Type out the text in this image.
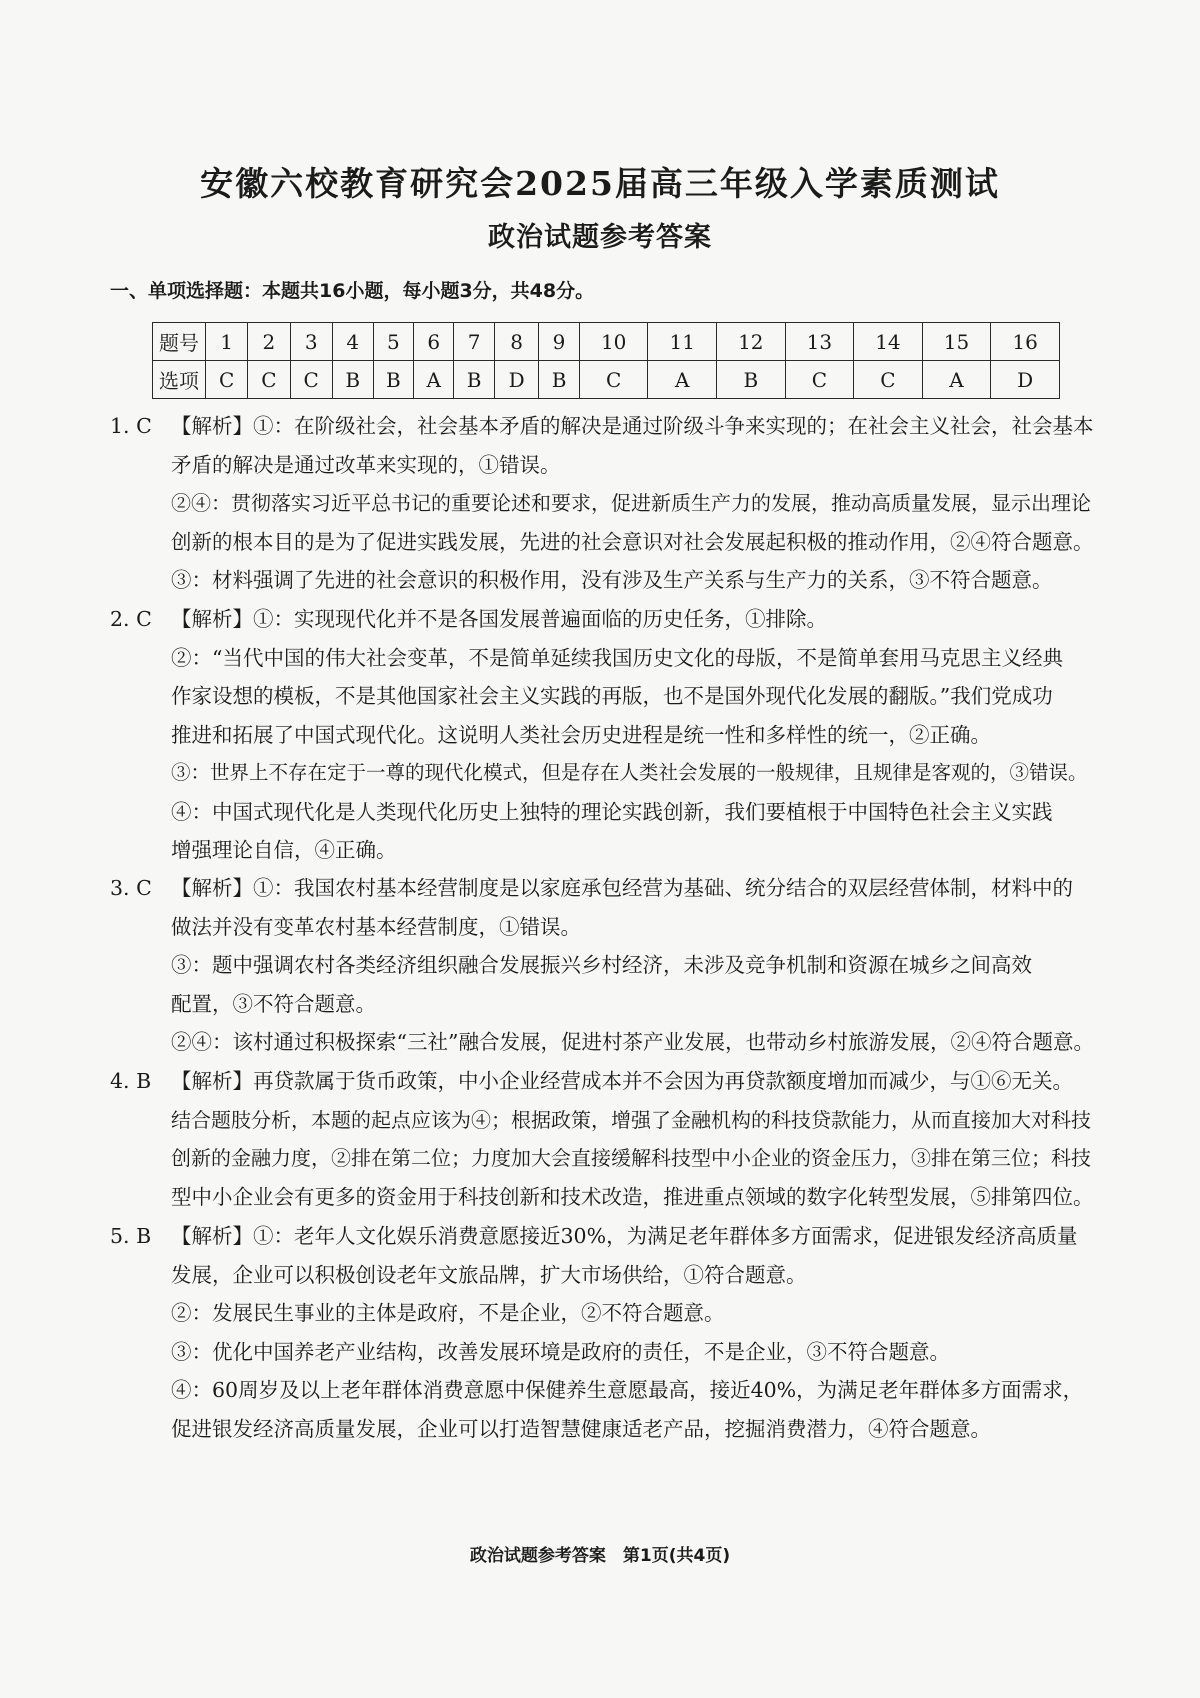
安徽六校教育研究会2025届高三年级入学素质测试
政治试题参考答案
一、单项选择题：本题共16小题，每小题3分，共48分。
题号	1	2	3	4	5	6	7	8	9	10	11	12	13	14	15	16
选项	C	C	C	B	B	A	B	D	B	C	A	B	C	C	A	D
1. C 【解析】①：在阶级社会，社会基本矛盾的解决是通过阶级斗争来实现的；在社会主义社会，社会基本
矛盾的解决是通过改革来实现的，①错误。
②④：贯彻落实习近平总书记的重要论述和要求，促进新质生产力的发展，推动高质量发展，显示出理论
创新的根本目的是为了促进实践发展，先进的社会意识对社会发展起积极的推动作用，②④符合题意。
③：材料强调了先进的社会意识的积极作用，没有涉及生产关系与生产力的关系，③不符合题意。
2. C 【解析】①：实现现代化并不是各国发展普遍面临的历史任务，①排除。
②：“当代中国的伟大社会变革，不是简单延续我国历史文化的母版，不是简单套用马克思主义经典
作家设想的模板，不是其他国家社会主义实践的再版，也不是国外现代化发展的翻版。”我们党成功
推进和拓展了中国式现代化。这说明人类社会历史进程是统一性和多样性的统一，②正确。
③：世界上不存在定于一尊的现代化模式，但是存在人类社会发展的一般规律，且规律是客观的，③错误。
④：中国式现代化是人类现代化历史上独特的理论实践创新，我们要植根于中国特色社会主义实践
增强理论自信，④正确。
3. C 【解析】①：我国农村基本经营制度是以家庭承包经营为基础、统分结合的双层经营体制，材料中的
做法并没有变革农村基本经营制度，①错误。
③：题中强调农村各类经济组织融合发展振兴乡村经济，未涉及竞争机制和资源在城乡之间高效
配置，③不符合题意。
②④：该村通过积极探索“三社”融合发展，促进村茶产业发展，也带动乡村旅游发展，②④符合题意。
4. B 【解析】再贷款属于货币政策，中小企业经营成本并不会因为再贷款额度增加而减少，与①⑥无关。
结合题肢分析，本题的起点应该为④；根据政策，增强了金融机构的科技贷款能力，从而直接加大对科技
创新的金融力度，②排在第二位；力度加大会直接缓解科技型中小企业的资金压力，③排在第三位；科技
型中小企业会有更多的资金用于科技创新和技术改造，推进重点领域的数字化转型发展，⑤排第四位。
5. B 【解析】①：老年人文化娱乐消费意愿接近30%，为满足老年群体多方面需求，促进银发经济高质量
发展，企业可以积极创设老年文旅品牌，扩大市场供给，①符合题意。
②：发展民生事业的主体是政府，不是企业，②不符合题意。
③：优化中国养老产业结构，改善发展环境是政府的责任，不是企业，③不符合题意。
④：60周岁及以上老年群体消费意愿中保健养生意愿最高，接近40%，为满足老年群体多方面需求，
促进银发经济高质量发展，企业可以打造智慧健康适老产品，挖掘消费潜力，④符合题意。
政治试题参考答案　第1页(共4页)
